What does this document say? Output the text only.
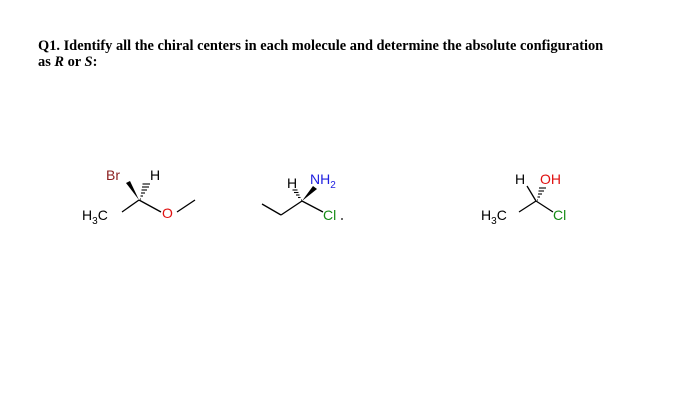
Q1. Identify all the chiral centers in each molecule and determine the absolute configuration
as R or S:
Br H
$H_3C$	O
H $NH_2$
Cl
H OH
$H_3C$	Cl
